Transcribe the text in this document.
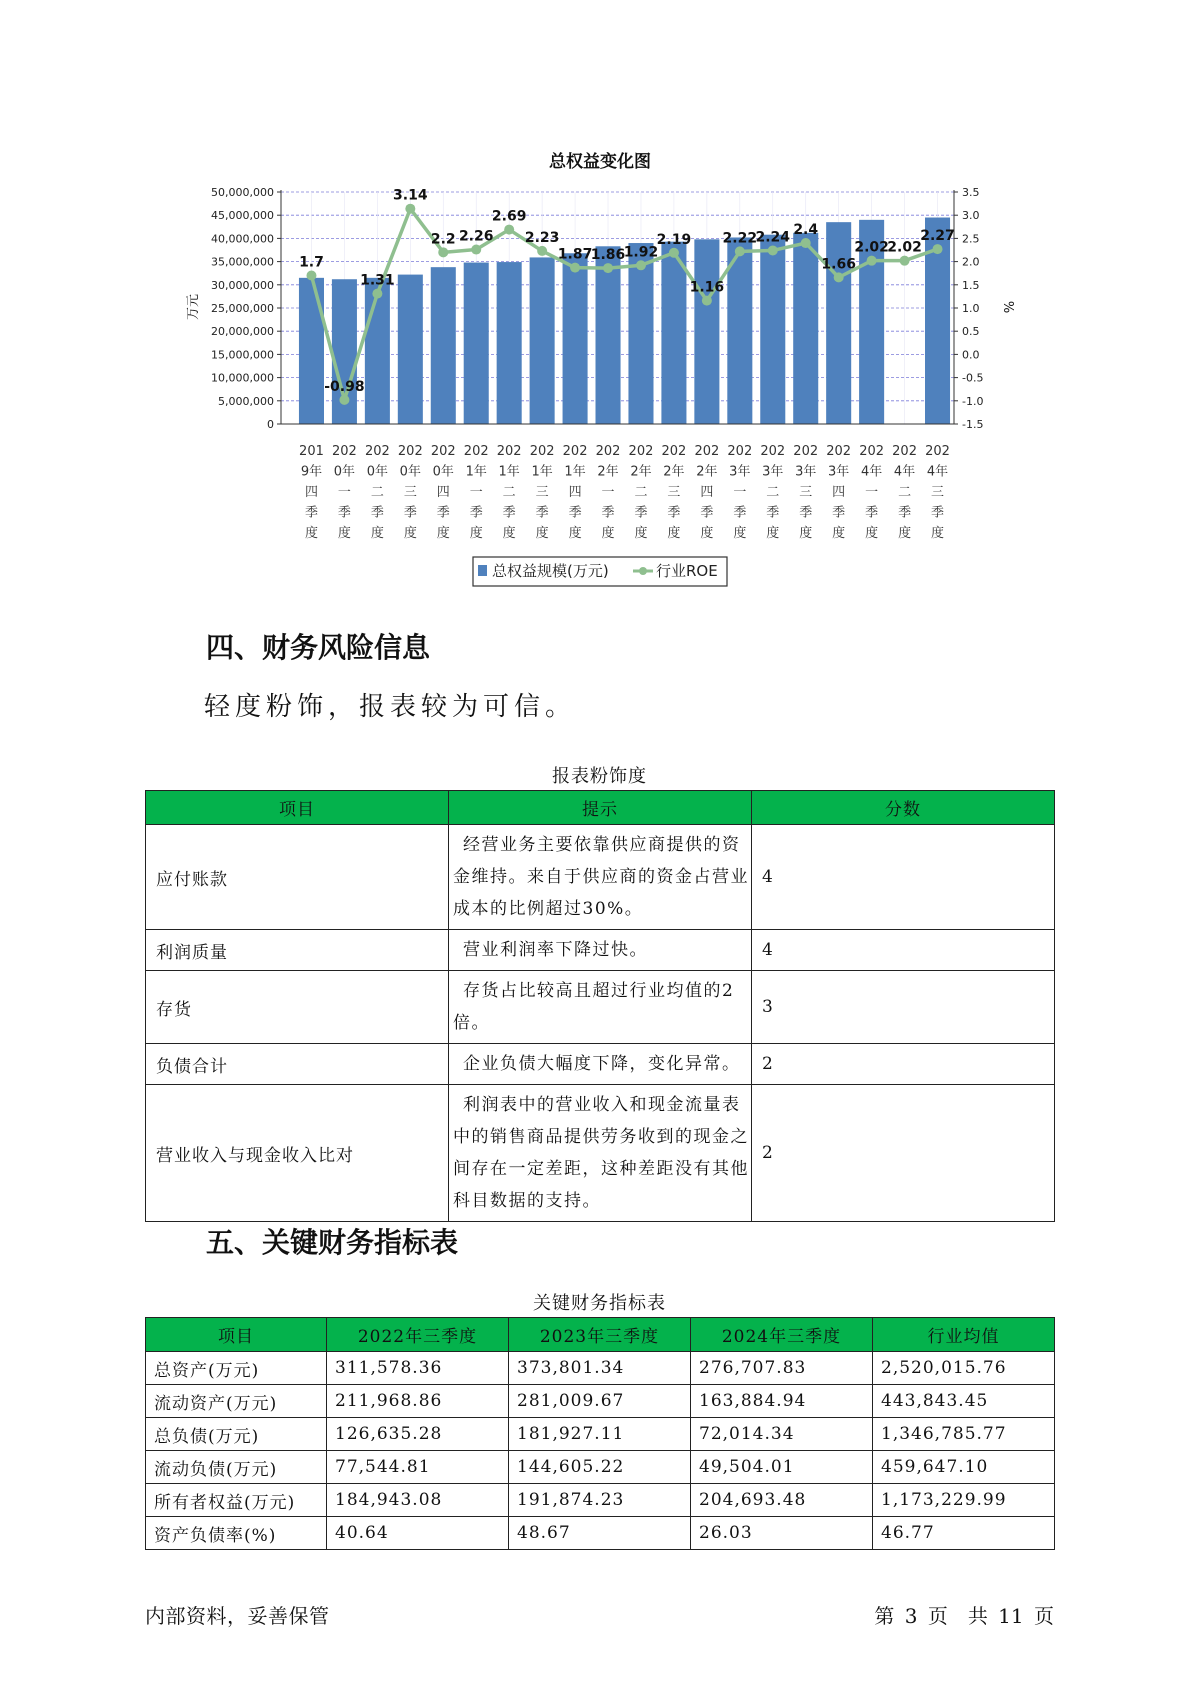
总权益变化图
万元	%
1.7
-0.98
1.31
3.14
2.2 2.26
2.69
2.23
1.87
1.86
1.92
2.19
1.16
2.22
2.24 2.4
1.66
2.02
2.02
2.27
50,000,000
45,000,000
40,000,000
35,000,000
30,000,000
25,000,000
20,000,000
15,000,000
10,000,000
5,000,000
0
3.5
3.0
2.5
2.0
1.5
1.0
0.5
0.0
-0.5
-1.0
-1.5
201
9年
四
季
度
202
0年
一
季
度
202
0年
二
季
度
202
0年
三
季
度
202
0年
四
季
度
202
1年
一
季
度
202
1年
二
季
度
202
1年
三
季
度
202
1年
四
季
度
202
2年
一
季
度
202
2年
二
季
度
202
2年
三
季
度
202
2年
四
季
度
202
3年
一
季
度
202
3年
二
季
度
202
3年
三
季
度
202
3年
四
季
度
202
4年
一
季
度
202
4年
二
季
度
202
4年
三
季
度
总权益规模(万元)	行业ROE
四、财务风险信息
轻度粉饰，报表较为可信。
报表粉饰度
项目	提示	分数
应付账款	经营业务主要依靠供应商提供的资金维持。来自于供应商的资金占营业成本的比例超过30%。	4
利润质量	营业利润率下降过快。	4
存货	存货占比较高且超过行业均值的2倍。	3
负债合计	企业负债大幅度下降，变化异常。	2
营业收入与现金收入比对	利润表中的营业收入和现金流量表中的销售商品提供劳务收到的现金之间存在一定差距，这种差距没有其他科目数据的支持。	2
五、关键财务指标表
关键财务指标表
项目	2022年三季度	2023年三季度	2024年三季度	行业均值
总资产(万元)	311,578.36	373,801.34	276,707.83	2,520,015.76
流动资产(万元)	211,968.86	281,009.67	163,884.94	443,843.45
总负债(万元)	126,635.28	181,927.11	72,014.34	1,346,785.77
流动负债(万元)	77,544.81	144,605.22	49,504.01	459,647.10
所有者权益(万元)	184,943.08	191,874.23	204,693.48	1,173,229.99
资产负债率(%)	40.64	48.67	26.03	46.77
内部资料，妥善保管	第 3 页　共 11 页
